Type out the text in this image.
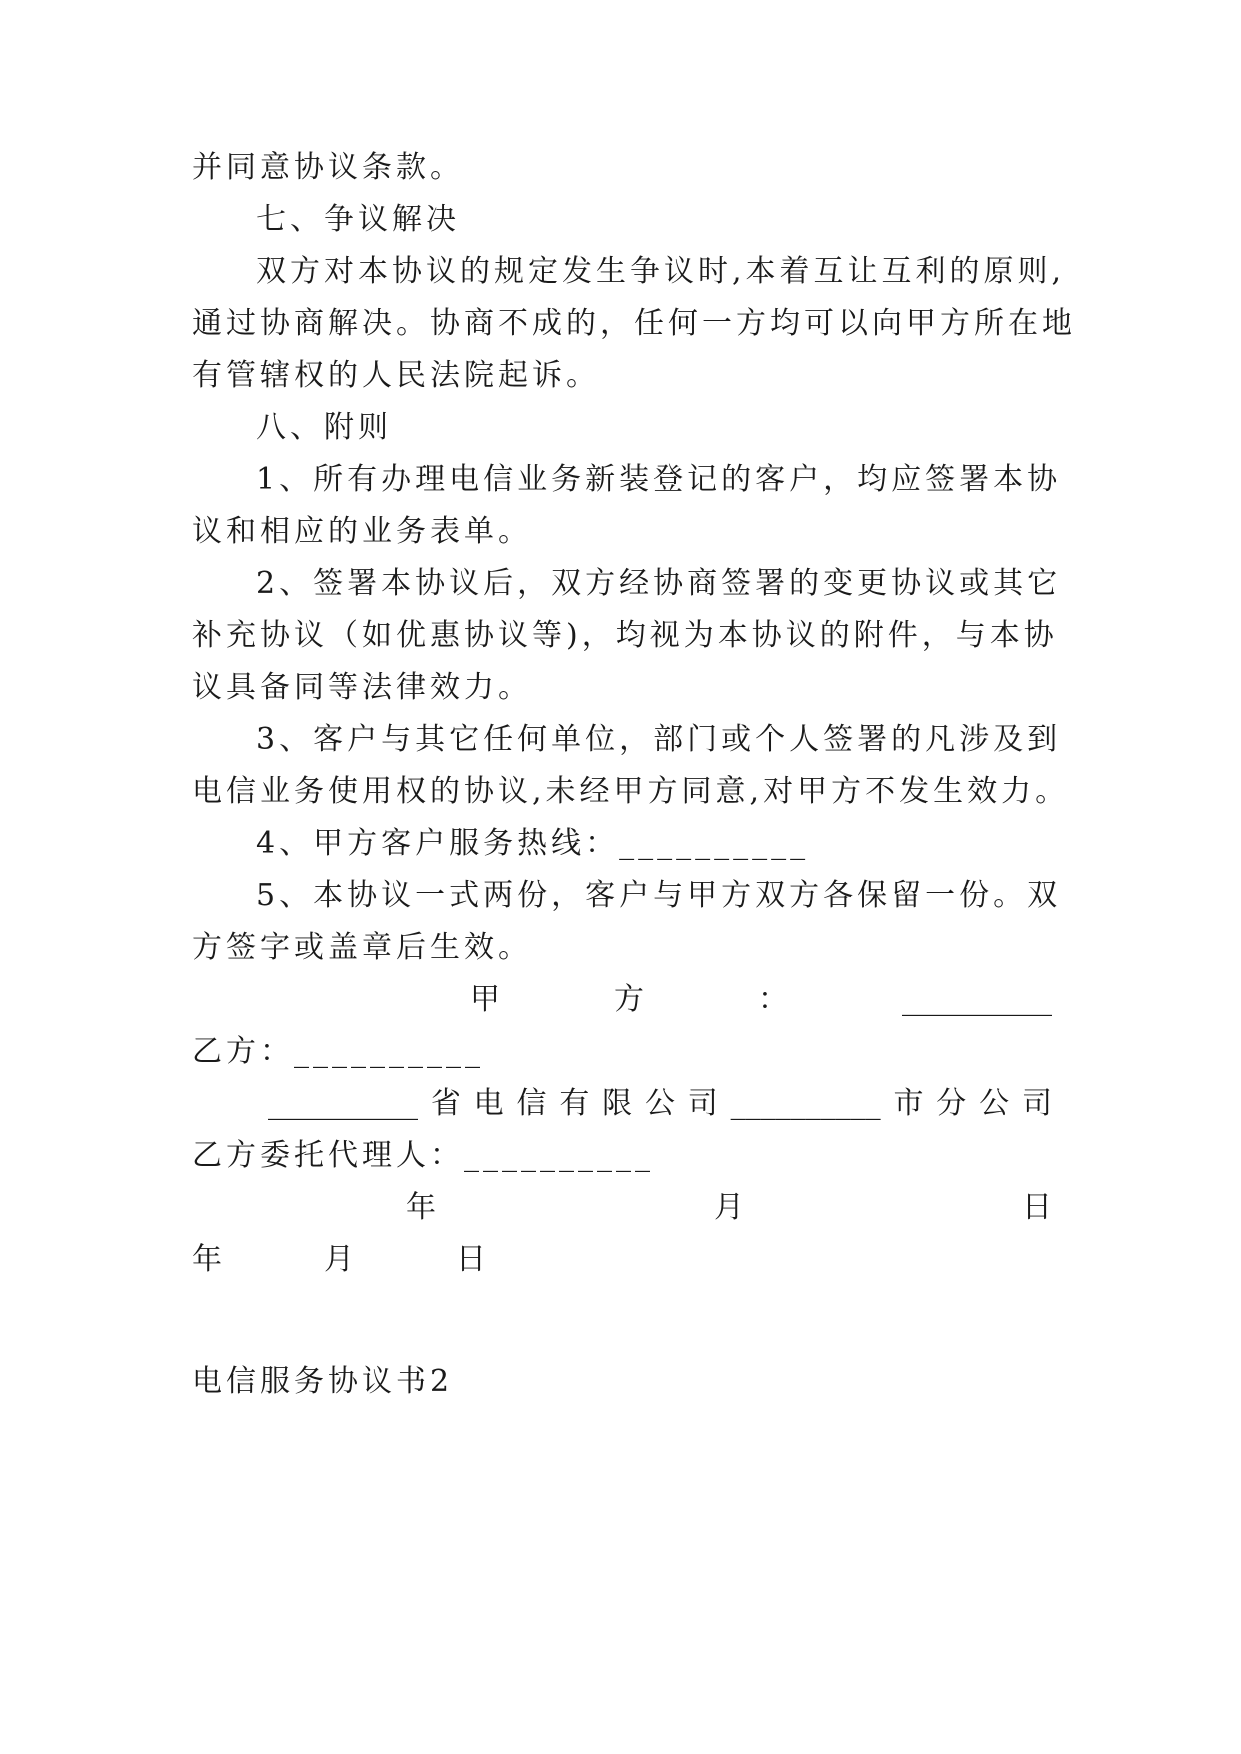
并同意协议条款。
七、争议解决
双方对本协议的规定发生争议时,本着互让互利的原则,
通过协商解决。协商不成的，任何一方均可以向甲方所在地
有管辖权的人民法院起诉。
八、附则
1、所有办理电信业务新装登记的客户，均应签署本协
议和相应的业务表单。
2、签署本协议后，双方经协商签署的变更协议或其它
补充协议（如优惠协议等)，均视为本协议的附件，与本协
议具备同等法律效力。
3、客户与其它任何单位，部门或个人签署的凡涉及到
电信业务使用权的协议,未经甲方同意,对甲方不发生效力。
4、甲方客户服务热线：__________
5、本协议一式两份，客户与甲方双方各保留一份。双
方签字或盖章后生效。
甲	方	：	__________
乙方：__________
__________ 省 电 信 有 限 公 司 __________ 市 分 公 司
乙方委托代理人：__________
年	月	日
年　　月　　日
电信服务协议书2
